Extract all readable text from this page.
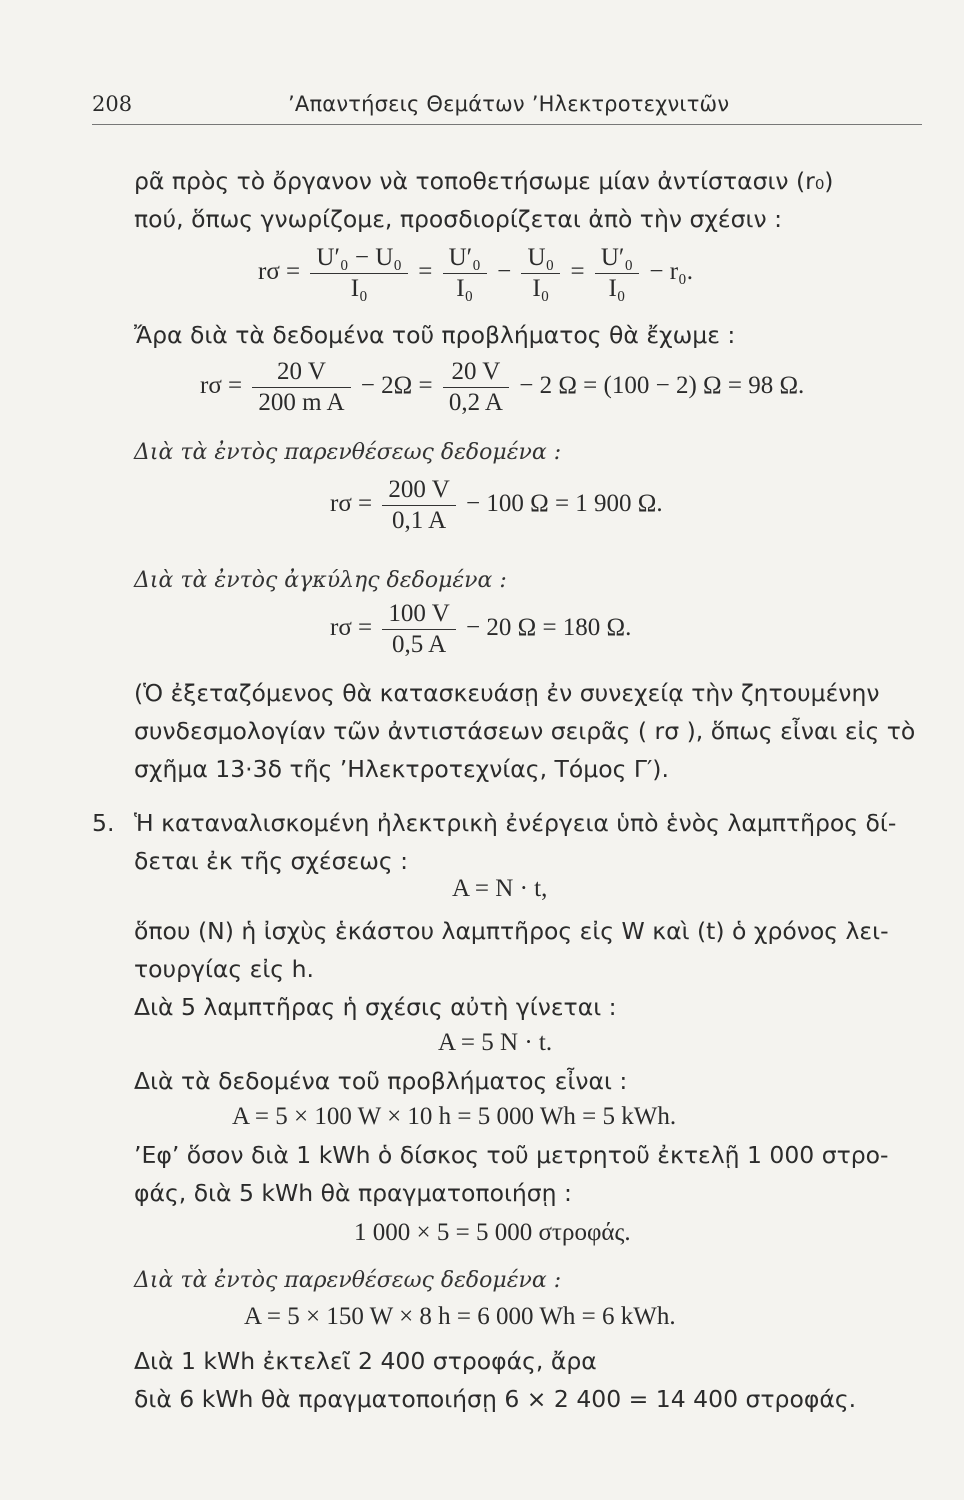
208	’Απαντήσεις Θεμάτων ’Ηλεκτροτεχνιτῶν
ρᾶ πρὸς τὸ ὄργανον νὰ τοποθετήσωμε μίαν ἀντίστασιν (r₀)
πού, ὅπως γνωρίζομε, προσδιορίζεται ἀπὸ τὴν σχέσιν :
$r\sigma = \frac{\text{U′₀ − U₀}}{\text{I₀}} = \frac{\text{U′₀}}{\text{I₀}} - \frac{\text{U₀}}{\text{I₀}} = \frac{\text{U′₀}}{\text{I₀}} - r_0$.
Ἄρα διὰ τὰ δεδομένα τοῦ προβλήματος θὰ ἔχωμε :
$r\sigma = \frac{20 V}{\text{200 m A}} - 2\Omega = \frac{20 V}{0,2 A} - 2$ Ω = (100 − 2) Ω = 98 Ω.
Διὰ τὰ ἐντὸς παρενθέσεως δεδομένα :
$r\sigma = \frac{200 V}{0,1 A} - 100$ Ω = 1 900 Ω.
Διὰ τὰ ἐντὸς ἀγκύλης δεδομένα :
$r\sigma = \frac{100 V}{0,5 A} - 20$ Ω = 180 Ω.
(Ὁ ἐξεταζόμενος θὰ κατασκευάσῃ ἐν συνεχείᾳ τὴν ζητουμένην
συνδεσμολογίαν τῶν ἀντιστάσεων σειρᾶς ( rσ ), ὅπως εἶναι εἰς τὸ
σχῆμα 13·3δ τῆς ’Ηλεκτροτεχνίας, Τόμος Γ′).
5. Ἡ καταναλισκομένη ἠλεκτρικὴ ἐνέργεια ὑπὸ ἑνὸς λαμπτῆρος δί-
δεται ἐκ τῆς σχέσεως :
A = N · t,
ὅπου (N) ἡ ἰσχὺς ἑκάστου λαμπτῆρος εἰς W καὶ (t) ὁ χρόνος λει-
τουργίας εἰς h.
Διὰ 5 λαμπτῆρας ἡ σχέσις αὐτὴ γίνεται :
A = 5 N · t.
Διὰ τὰ δεδομένα τοῦ προβλήματος εἶναι :
A = 5 × 100 W × 10 h = 5 000 Wh = 5 kWh.
’Εφ’ ὅσον διὰ 1 kWh ὁ δίσκος τοῦ μετρητοῦ ἐκτελῇ 1 000 στρο-
φάς, διὰ 5 kWh θὰ πραγματοποιήσῃ :
1 000 × 5 = 5 000 στροφάς.
Διὰ τὰ ἐντὸς παρενθέσεως δεδομένα :
A = 5 × 150 W × 8 h = 6 000 Wh = 6 kWh.
Διὰ 1 kWh ἐκτελεῖ 2 400 στροφάς, ἄρα
διὰ 6 kWh θὰ πραγματοποιήσῃ 6 × 2 400 = 14 400 στροφάς.
